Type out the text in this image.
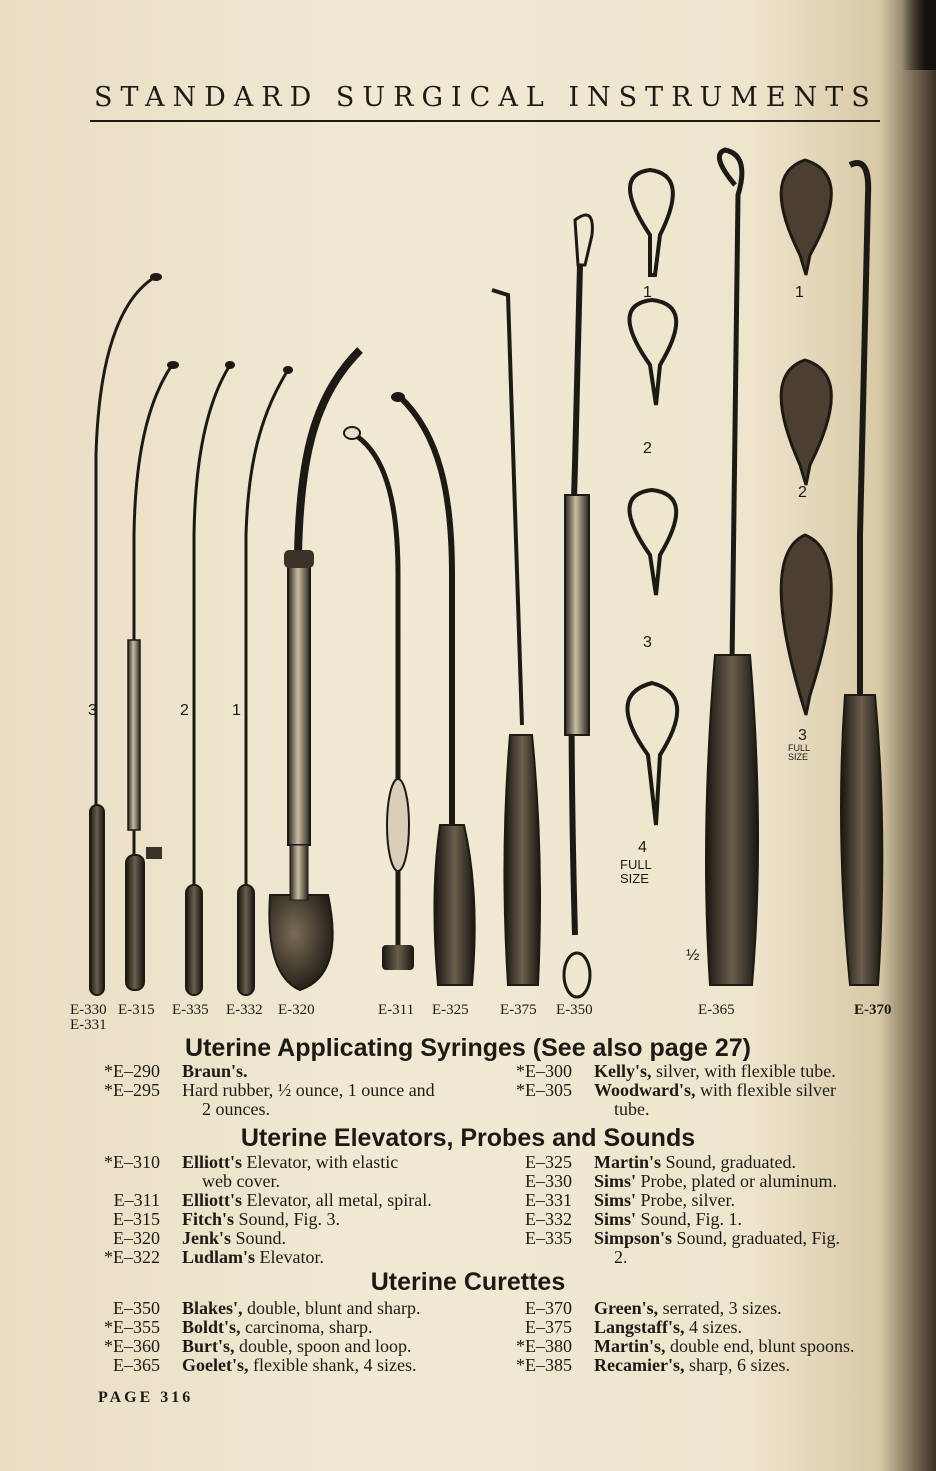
STANDARD SURGICAL INSTRUMENTS
3	2	1
1
2
3
4
FULL
SIZE
1
2
3
FULL
SIZE
½
E-330 E-315 E-335 E-332 E-320	E-311 E-325 E-375 E-350	E-365	E-370
E-331
Uterine Applicating Syringes (See also page 27)
*E–290 Braun's.
*E–295 Hard rubber, ½ ounce, 1 ounce and
2 ounces.
*E–300 Kelly's, silver, with flexible tube.
*E–305 Woodward's, with flexible silver
tube.
Uterine Elevators, Probes and Sounds
*E–310 Elliott's Elevator, with elastic
web cover.
E–311 Elliott's Elevator, all metal, spiral.
E–315 Fitch's Sound, Fig. 3.
E–320 Jenk's Sound.
*E–322 Ludlam's Elevator.
E–325 Martin's Sound, graduated.
E–330 Sims' Probe, plated or aluminum.
E–331 Sims' Probe, silver.
E–332 Sims' Sound, Fig. 1.
E–335 Simpson's Sound, graduated, Fig.
2.
Uterine Curettes
E–350 Blakes', double, blunt and sharp.
*E–355 Boldt's, carcinoma, sharp.
*E–360 Burt's, double, spoon and loop.
E–365 Goelet's, flexible shank, 4 sizes.
E–370 Green's, serrated, 3 sizes.
E–375 Langstaff's, 4 sizes.
*E–380 Martin's, double end, blunt spoons.
*E–385 Recamier's, sharp, 6 sizes.
PAGE 316
